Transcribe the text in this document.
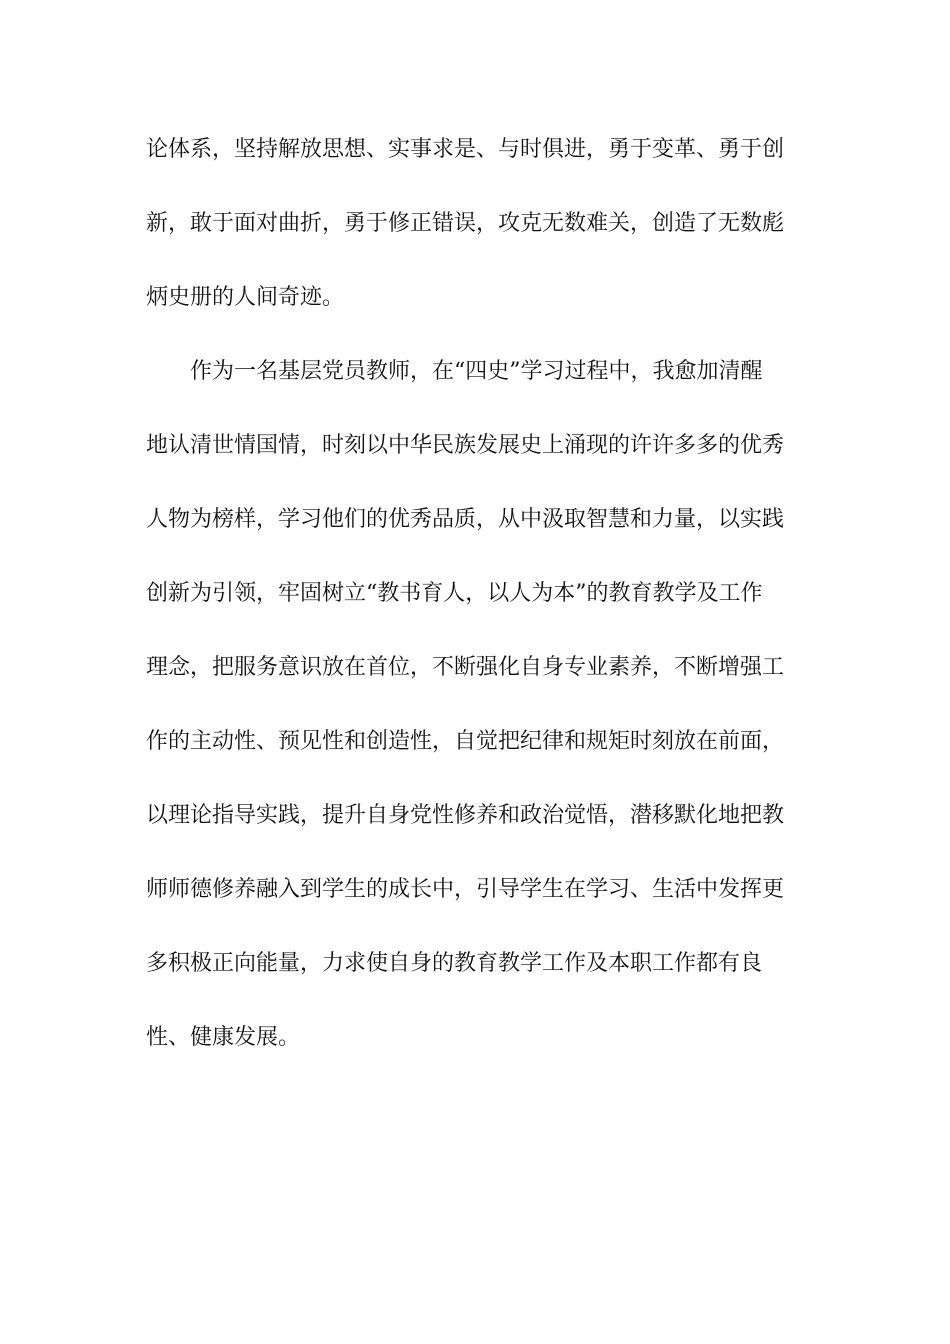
论体系，坚持解放思想、实事求是、与时俱进，勇于变革、勇于创
新，敢于面对曲折，勇于修正错误，攻克无数难关，创造了无数彪
炳史册的人间奇迹。
作为一名基层党员教师，在“四史”学习过程中，我愈加清醒
地认清世情国情，时刻以中华民族发展史上涌现的许许多多的优秀
人物为榜样，学习他们的优秀品质，从中汲取智慧和力量，以实践
创新为引领，牢固树立“教书育人，以人为本”的教育教学及工作
理念，把服务意识放在首位，不断强化自身专业素养，不断增强工
作的主动性、预见性和创造性，自觉把纪律和规矩时刻放在前面，
以理论指导实践，提升自身党性修养和政治觉悟，潜移默化地把教
师师德修养融入到学生的成长中，引导学生在学习、生活中发挥更
多积极正向能量，力求使自身的教育教学工作及本职工作都有良
性、健康发展。
